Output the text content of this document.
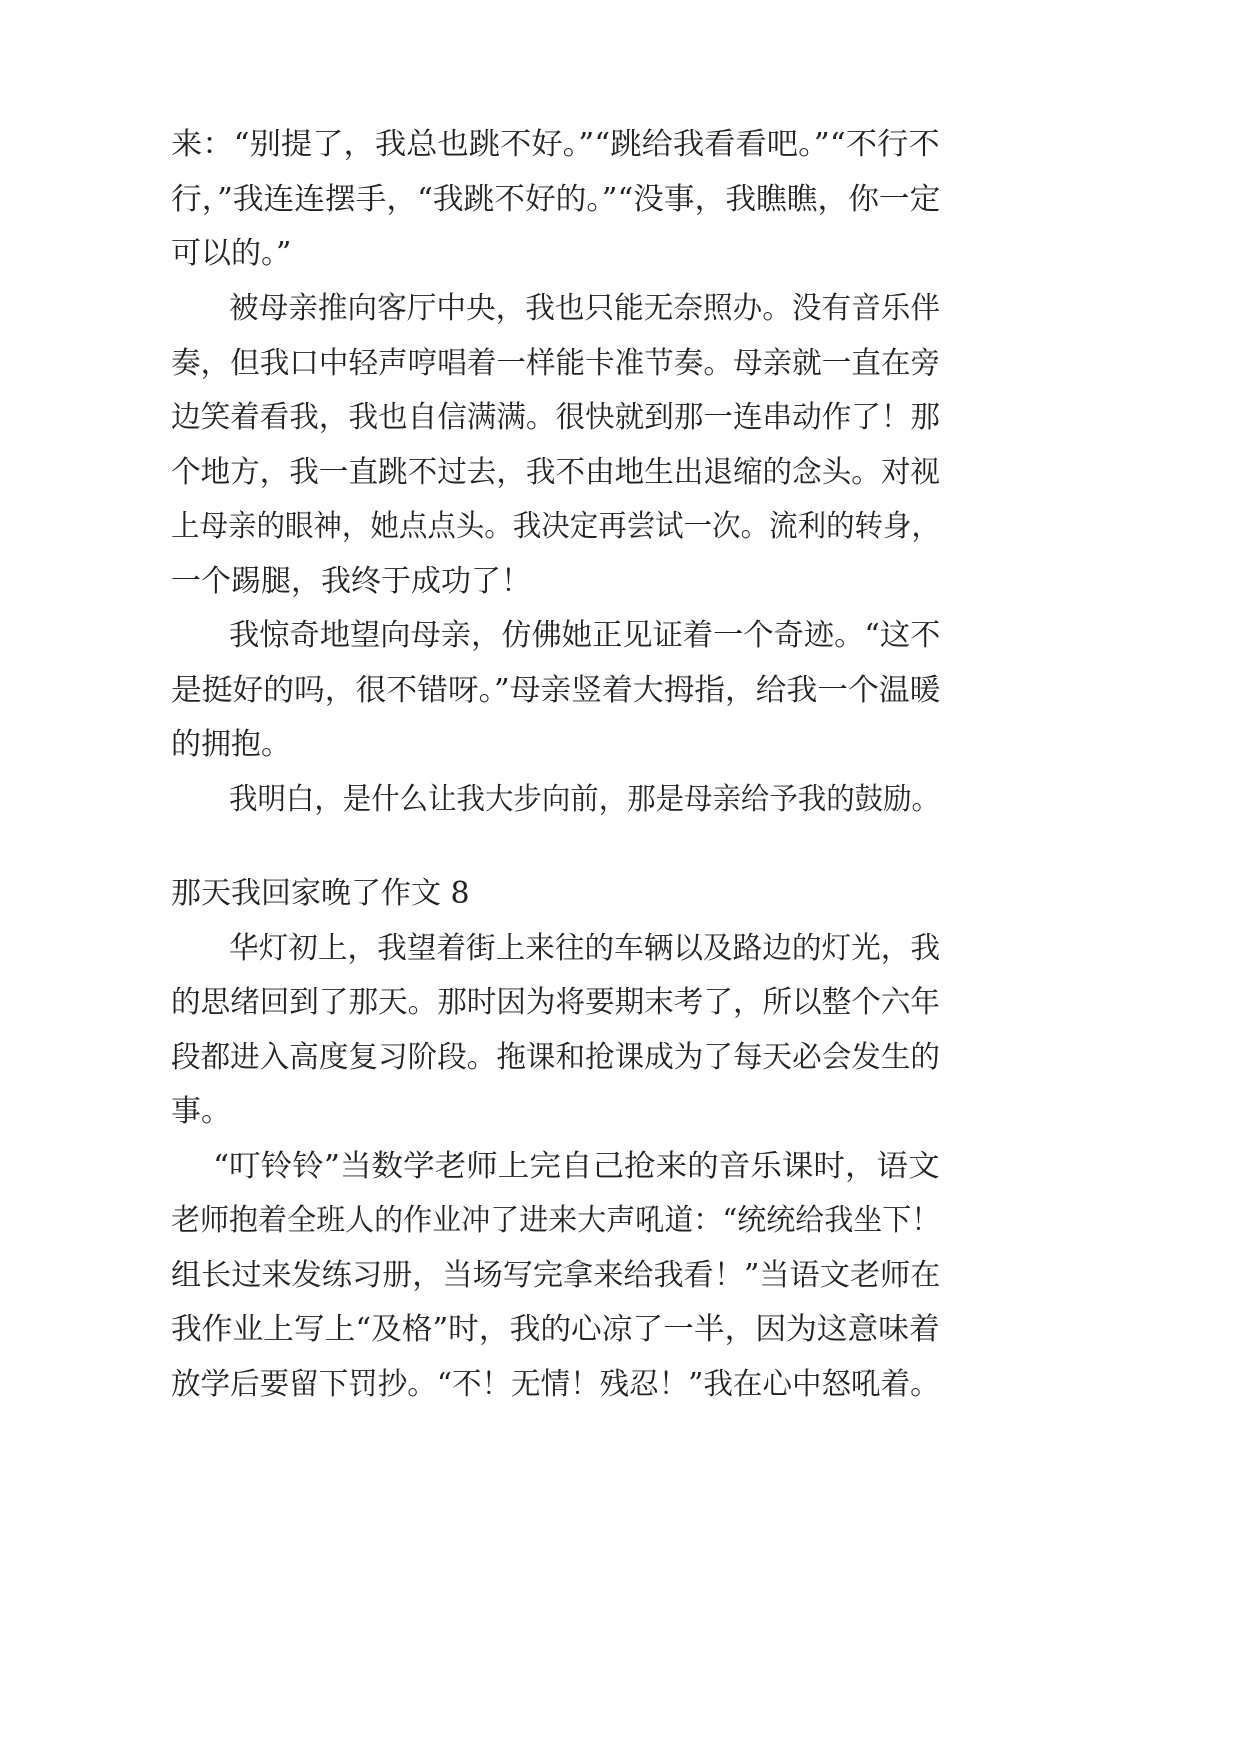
来：“别提了，我总也跳不好。”“跳给我看看吧。”“不行不
行，”我连连摆手，“我跳不好的。”“没事，我瞧瞧，你一定
可以的。”
被母亲推向客厅中央，我也只能无奈照办。没有音乐伴
奏，但我口中轻声哼唱着一样能卡准节奏。母亲就一直在旁
边笑着看我，我也自信满满。很快就到那一连串动作了！那
个地方，我一直跳不过去，我不由地生出退缩的念头。对视
上母亲的眼神，她点点头。我决定再尝试一次。流利的转身，
一个踢腿，我终于成功了！
我惊奇地望向母亲，仿佛她正见证着一个奇迹。“这不
是挺好的吗，很不错呀。”母亲竖着大拇指，给我一个温暖
的拥抱。
我明白，是什么让我大步向前，那是母亲给予我的鼓励。
那天我回家晚了作文 8
华灯初上，我望着街上来往的车辆以及路边的灯光，我
的思绪回到了那天。那时因为将要期末考了，所以整个六年
段都进入高度复习阶段。拖课和抢课成为了每天必会发生的
事。
“叮铃铃”当数学老师上完自己抢来的音乐课时，语文
老师抱着全班人的作业冲了进来大声吼道：“统统给我坐下！
组长过来发练习册，当场写完拿来给我看！”当语文老师在
我作业上写上“及格”时，我的心凉了一半，因为这意味着
放学后要留下罚抄。“不！无情！残忍！”我在心中怒吼着。
